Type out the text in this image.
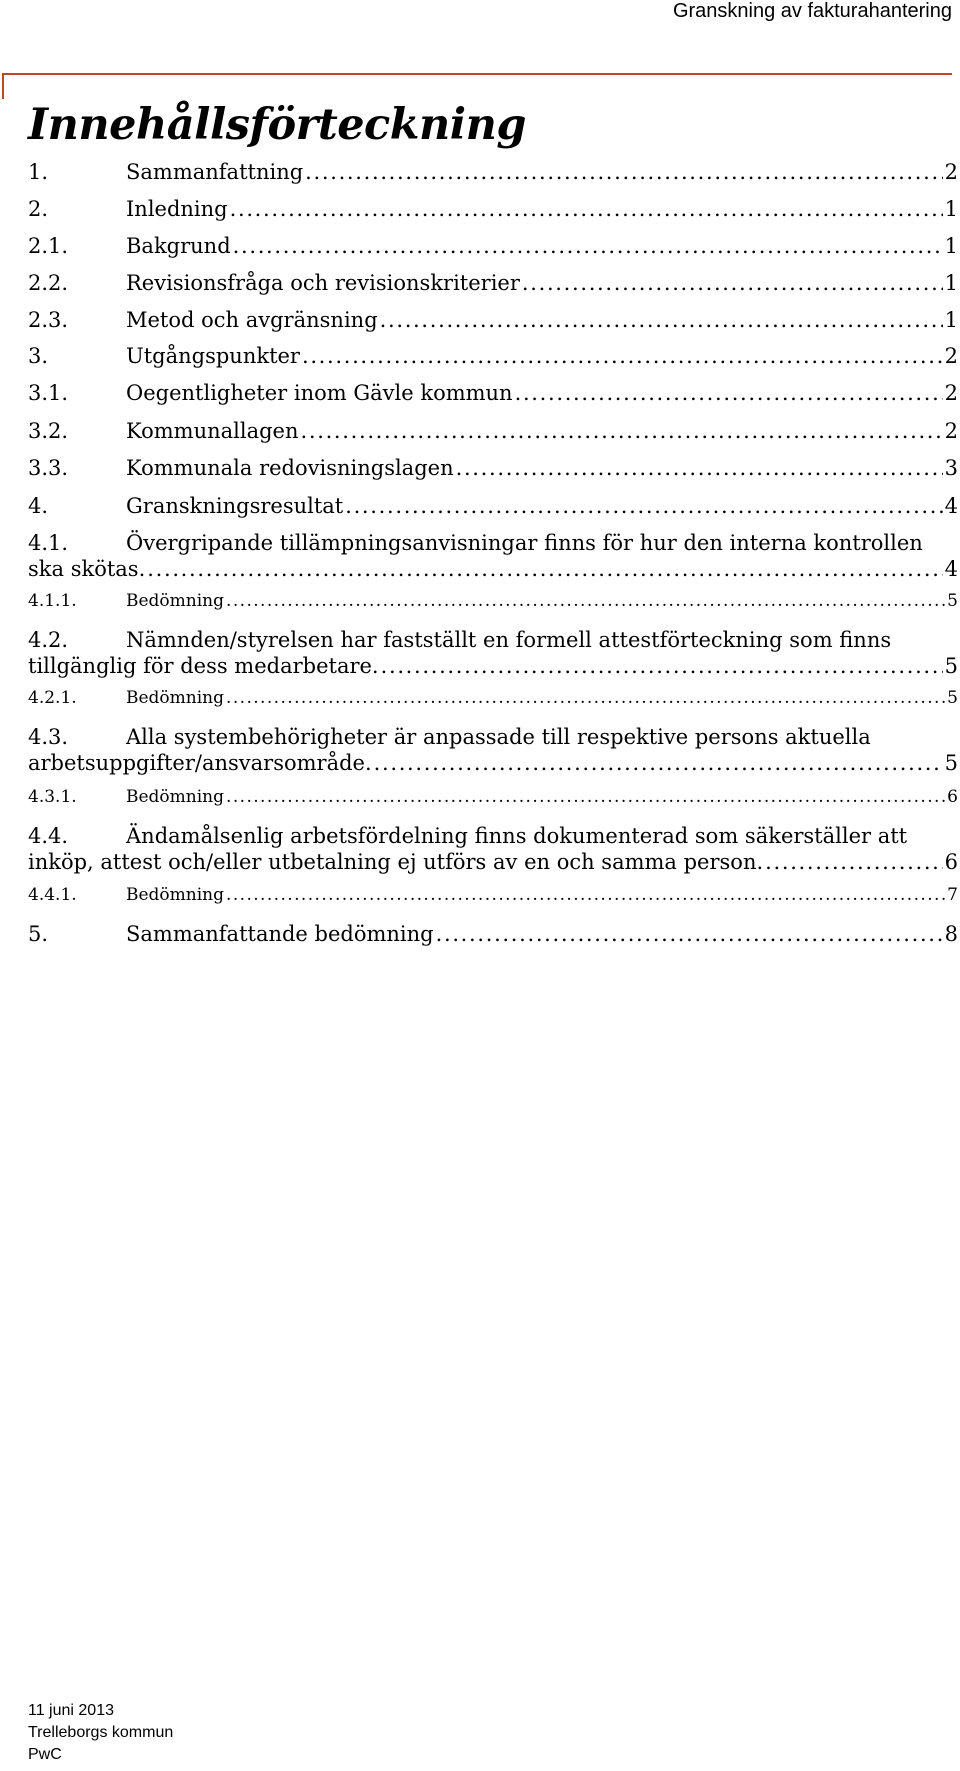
Granskning av fakturahantering
Innehållsförteckning
1.	Sammanfattning . . .	2
2.	Inledning . . .	1
2.1.	Bakgrund . . .	1
2.2.	Revisionsfråga och revisionskriterier . . .	1
2.3.	Metod och avgränsning . . .	1
3.	Utgångspunkter . . .	2
3.1.	Oegentligheter inom Gävle kommun . . .	2
3.2.	Kommunallagen . . .	2
3.3.	Kommunala redovisningslagen . . .	3
4.	Granskningsresultat . . .	4
4.1.	Övergripande tillämpningsanvisningar finns för hur den interna kontrollen
ska skötas. . . .	4
4.1.1.	Bedömning . . .	5
4.2.	Nämnden/styrelsen har fastställt en formell attestförteckning som finns
tillgänglig för dess medarbetare. . . .	5
4.2.1.	Bedömning . . .	5
4.3.	Alla systembehörigheter är anpassade till respektive persons aktuella
arbetsuppgifter/ansvarsområde. . . .	5
4.3.1.	Bedömning . . .	6
4.4.	Ändamålsenlig arbetsfördelning finns dokumenterad som säkerställer att
inköp, attest och/eller utbetalning ej utförs av en och samma person. . . .	6
4.4.1.	Bedömning . . .	7
5.	Sammanfattande bedömning . . .	8
11 juni 2013
Trelleborgs kommun
PwC
